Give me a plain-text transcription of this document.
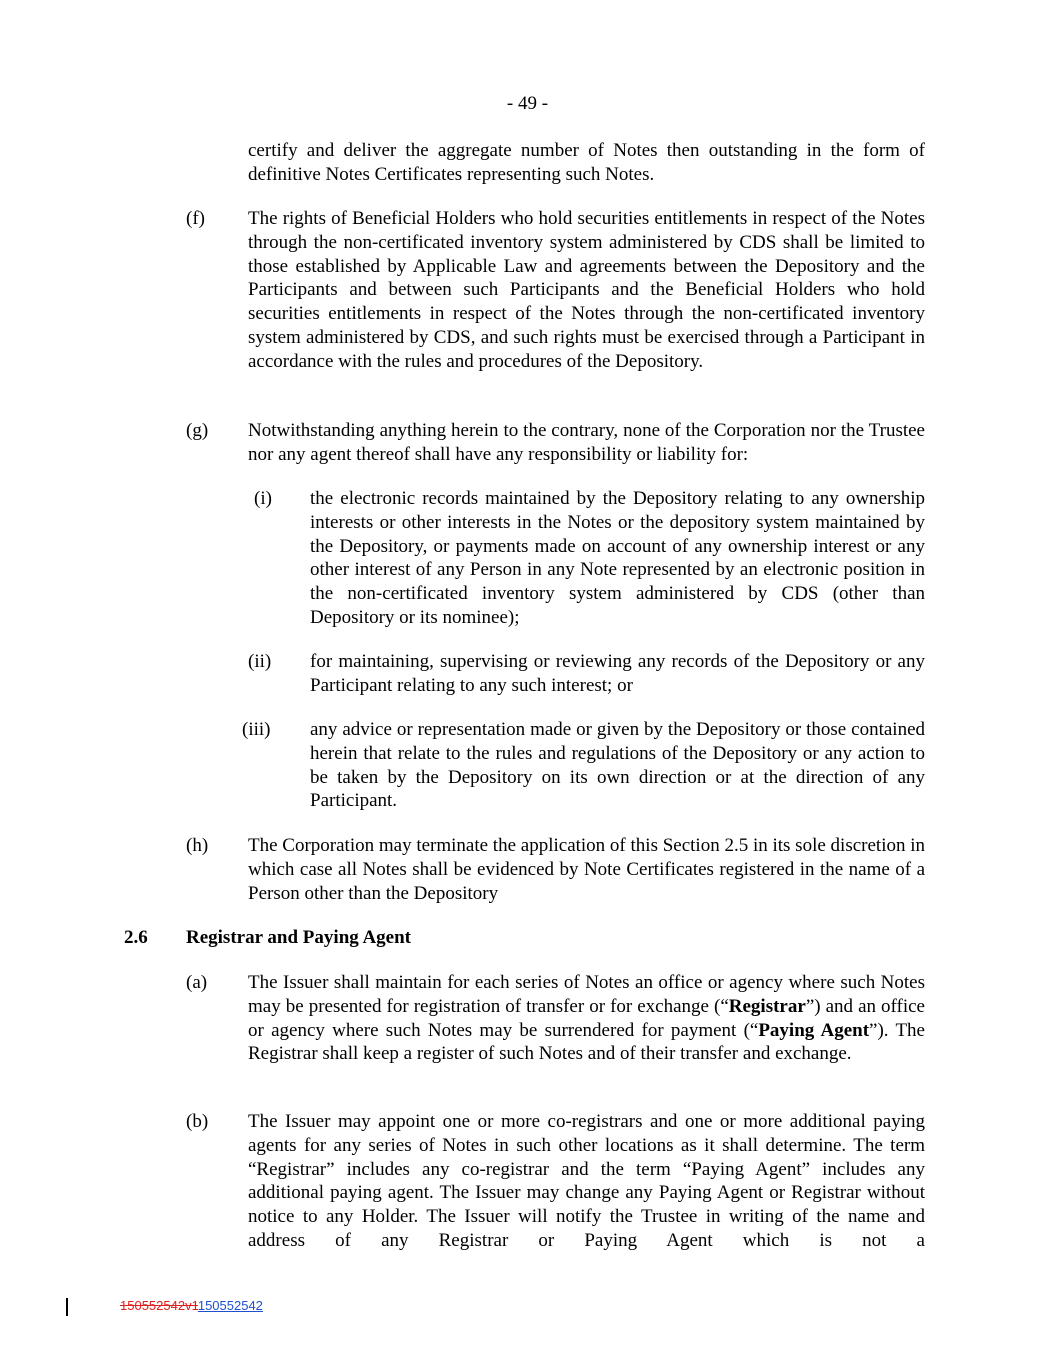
- 49 -
certify and deliver the aggregate number of Notes then outstanding in the form of definitive Notes Certificates representing such Notes.
(f) The rights of Beneficial Holders who hold securities entitlements in respect of the Notes through the non-certificated inventory system administered by CDS shall be limited to those established by Applicable Law and agreements between the Depository and the Participants and between such Participants and the Beneficial Holders who hold securities entitlements in respect of the Notes through the non-certificated inventory system administered by CDS, and such rights must be exercised through a Participant in accordance with the rules and procedures of the Depository.
(g) Notwithstanding anything herein to the contrary, none of the Corporation nor the Trustee nor any agent thereof shall have any responsibility or liability for:
(i) the electronic records maintained by the Depository relating to any ownership interests or other interests in the Notes or the depository system maintained by the Depository, or payments made on account of any ownership interest or any other interest of any Person in any Note represented by an electronic position in the non-certificated inventory system administered by CDS (other than Depository or its nominee);
(ii) for maintaining, supervising or reviewing any records of the Depository or any Participant relating to any such interest; or
(iii) any advice or representation made or given by the Depository or those contained herein that relate to the rules and regulations of the Depository or any action to be taken by the Depository on its own direction or at the direction of any Participant.
(h) The Corporation may terminate the application of this Section 2.5 in its sole discretion in which case all Notes shall be evidenced by Note Certificates registered in the name of a Person other than the Depository
2.6 Registrar and Paying Agent
(a) The Issuer shall maintain for each series of Notes an office or agency where such Notes may be presented for registration of transfer or for exchange (“Registrar”) and an office or agency where such Notes may be surrendered for payment (“Paying Agent”). The Registrar shall keep a register of such Notes and of their transfer and exchange.
(b) The Issuer may appoint one or more co-registrars and one or more additional paying agents for any series of Notes in such other locations as it shall determine. The term “Registrar” includes any co-registrar and the term “Paying Agent” includes any additional paying agent. The Issuer may change any Paying Agent or Registrar without notice to any Holder. The Issuer will notify the Trustee in writing of the name and address of any Registrar or Paying Agent which is not a
150552542v1150552542
